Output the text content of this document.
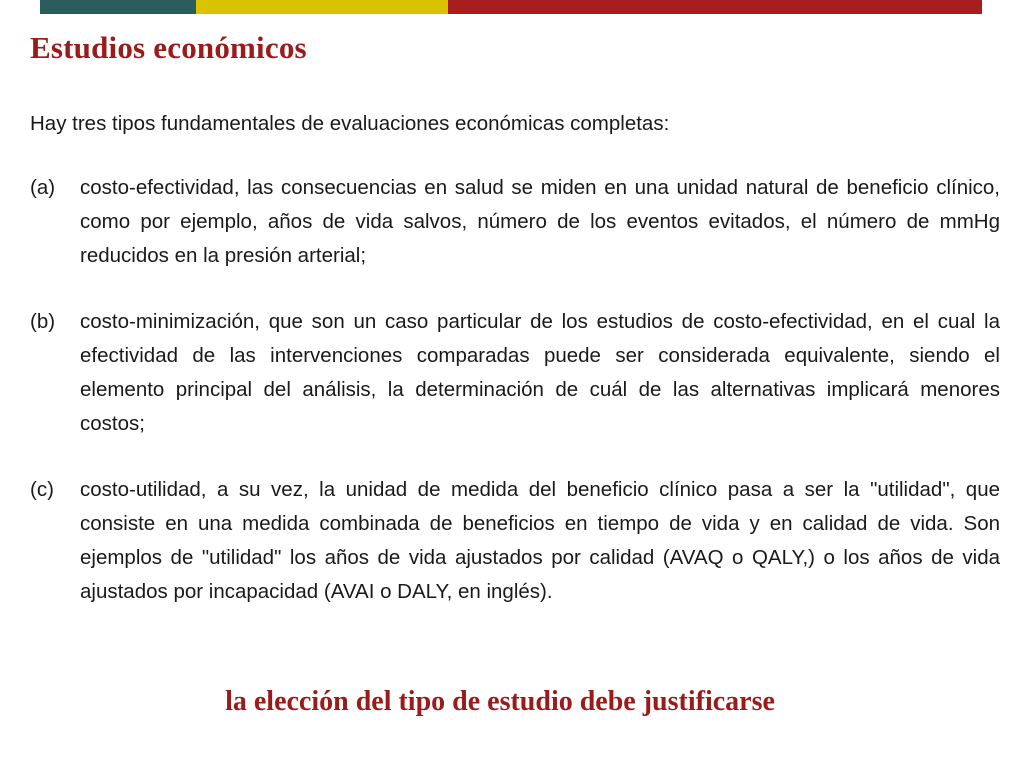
Estudios económicos

Hay tres tipos fundamentales de evaluaciones económicas completas:

(a)	costo-efectividad, las consecuencias en salud se miden en una unidad natural de beneficio clínico, como por ejemplo, años de vida salvos, número de los eventos evitados, el número de mmHg reducidos en la presión arterial;
(b)	costo-minimización, que son un caso particular de los estudios de costo-efectividad, en el cual la efectividad de las intervenciones comparadas puede ser considerada equivalente, siendo el elemento principal del análisis, la determinación de cuál de las alternativas implicará menores costos;
(c)	costo-utilidad, a su vez, la unidad de medida del beneficio clínico pasa a ser la "utilidad", que consiste en una medida combinada de beneficios en tiempo de vida y en calidad de vida. Son ejemplos de "utilidad" los años de vida ajustados por calidad (AVAQ o QALY,) o los años de vida ajustados por incapacidad (AVAI o DALY, en inglés).

la elección del tipo de estudio debe justificarse
